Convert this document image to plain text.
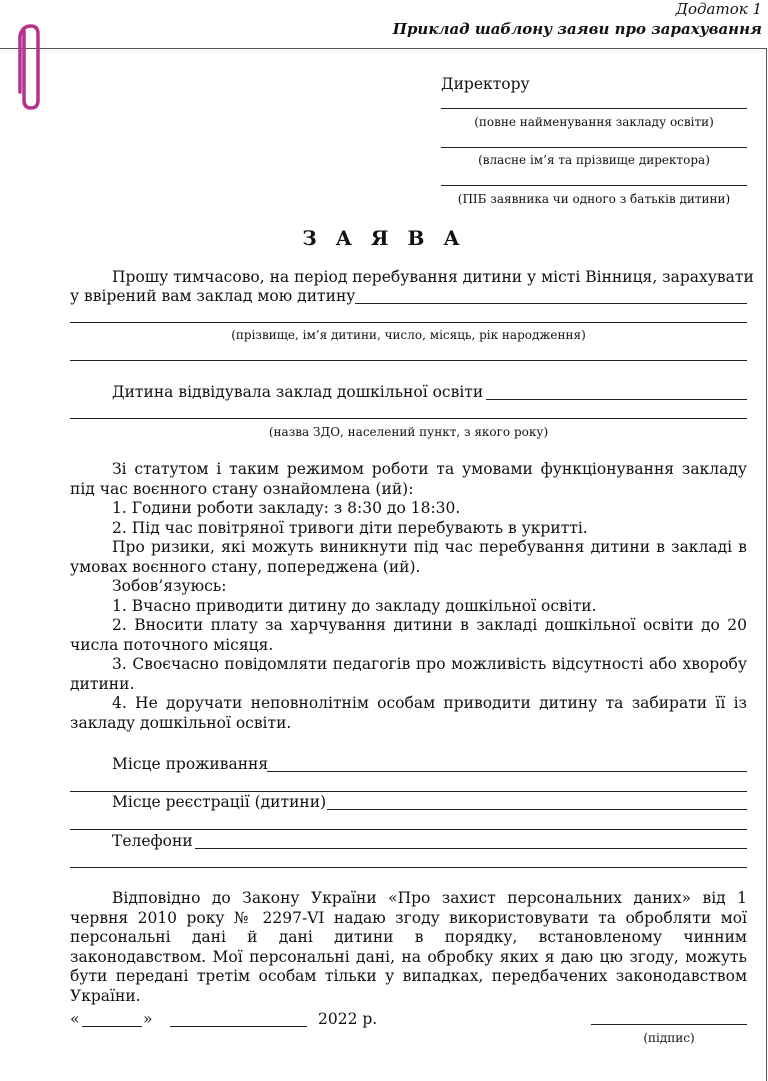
Додаток 1
Приклад шаблону заяви про зарахування
Директору
(повне найменування закладу освіти)
(власне ім’я та прізвище директора)
(ПІБ заявника чи одного з батьків дитини)
З А Я В А
Прошу тимчасово, на період перебування дитини у місті Вінниця, зарахувати
у ввірений вам заклад мою дитину
(прізвище, ім’я дитини, число, місяць, рік народження)
Дитина відвідувала заклад дошкільної освіти
(назва ЗДО, населений пункт, з якого року)

Зі статутом і таким режимом роботи та умовами функціонування закладу під час воєнного стану ознайомлена (ий):

1. Години роботи закладу: з 8:30 до 18:30.

2. Під час повітряної тривоги діти перебувають в укритті.

Про ризики, які можуть виникнути під час перебування дитини в закладі в умовах воєнного стану, попереджена (ий).

Зобов’язуюсь:

1. Вчасно приводити дитину до закладу дошкільної освіти.

2. Вносити плату за харчування дитини в закладі дошкільної освіти до 20 числа поточного місяця.

3. Своєчасно повідомляти педагогів про можливість відсутності або хворобу дитини.

4. Не доручати неповнолітнім особам приводити дитину та забирати її із закладу дошкільної освіти.

Місце проживання
Місце реєстрації (дитини)
Телефони
Відповідно до Закону України «Про захист персональних даних» від 1 червня 2010 року № 2297-VI надаю згоду використовувати та обробляти мої персональні дані й дані дитини в порядку, встановленому чинним законодавством. Мої персональні дані, на обробку яких я даю цю згоду, можуть бути передані третім особам тільки у випадках, передбачених законодавством України.
«	»	2022 р.
(підпис)
